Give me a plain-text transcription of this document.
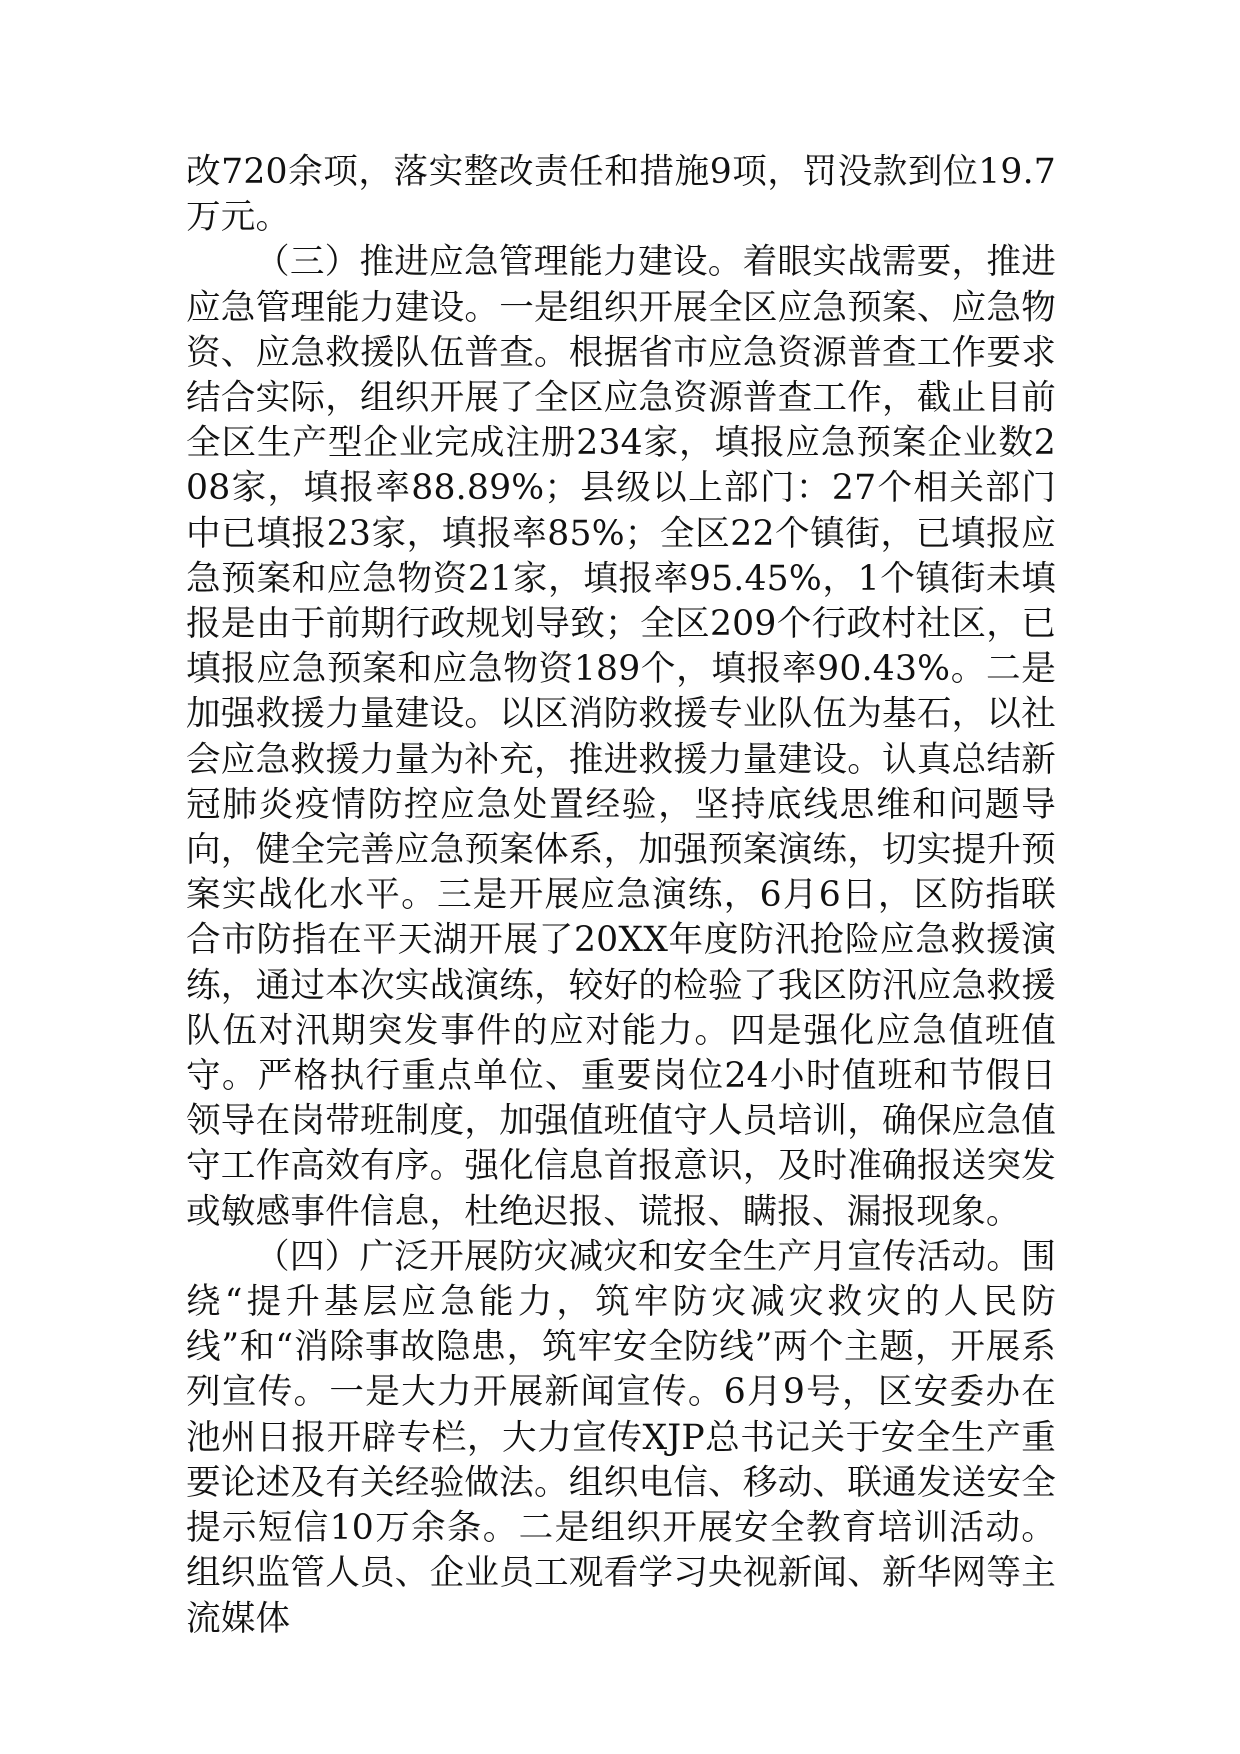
改720余项，落实整改责任和措施9项，罚没款到位19.7万元。

（三）推进应急管理能力建设。着眼实战需要，推进应急管理能力建设。一是组织开展全区应急预案、应急物资、应急救援队伍普查。根据省市应急资源普查工作要求结合实际，组织开展了全区应急资源普查工作，截止目前全区生产型企业完成注册234家，填报应急预案企业数208家，填报率88.89%；县级以上部门：27个相关部门中已填报23家，填报率85%；全区22个镇街，已填报应急预案和应急物资21家，填报率95.45%，1个镇街未填报是由于前期行政规划导致；全区209个行政村社区，已填报应急预案和应急物资189个，填报率90.43%。二是加强救援力量建设。以区消防救援专业队伍为基石，以社会应急救援力量为补充，推进救援力量建设。认真总结新冠肺炎疫情防控应急处置经验，坚持底线思维和问题导向，健全完善应急预案体系，加强预案演练，切实提升预案实战化水平。三是开展应急演练，6月6日，区防指联合市防指在平天湖开展了20XX年度防汛抢险应急救援演练，通过本次实战演练，较好的检验了我区防汛应急救援队伍对汛期突发事件的应对能力。四是强化应急值班值守。严格执行重点单位、重要岗位24小时值班和节假日领导在岗带班制度，加强值班值守人员培训，确保应急值守工作高效有序。强化信息首报意识，及时准确报送突发或敏感事件信息，杜绝迟报、谎报、瞒报、漏报现象。

（四）广泛开展防灾减灾和安全生产月宣传活动。围绕“提升基层应急能力，筑牢防灾减灾救灾的人民防线”和“消除事故隐患，筑牢安全防线”两个主题，开展系列宣传。一是大力开展新闻宣传。6月9号，区安委办在池州日报开辟专栏，大力宣传XJP总书记关于安全生产重要论述及有关经验做法。组织电信、移动、联通发送安全提示短信10万余条。二是组织开展安全教育培训活动。组织监管人员、企业员工观看学习央视新闻、新华网等主流媒体
